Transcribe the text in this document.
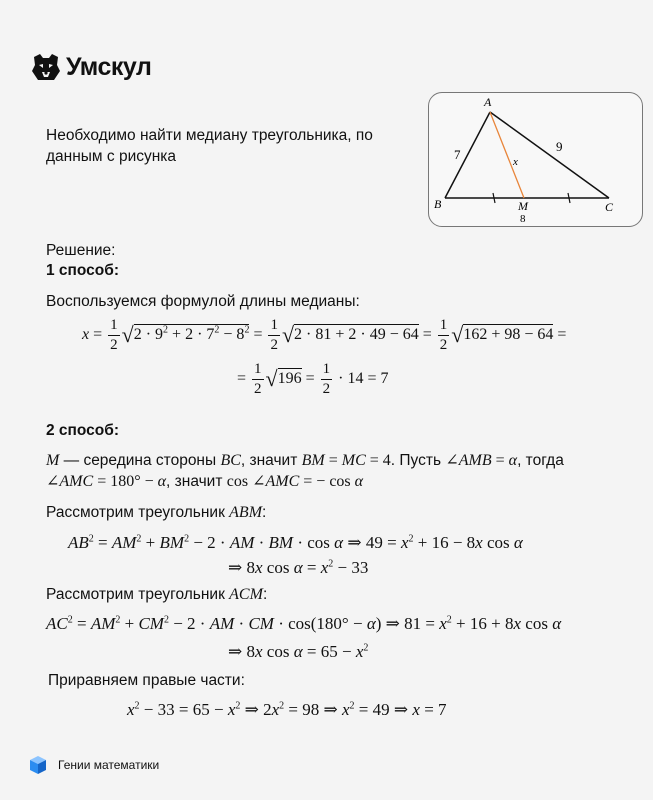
Умскул
Необходимо найти медиану треугольника, по
данным с рисунка
A
B	C
M
7
9
8
x
Решение:
1 способ:
Воспользуемся формулой длины медианы:
$x = \frac{1}{2} √2 \cdot 9^2 + 2 \cdot 7^2 - 8^2 = \frac{1}{2} √2 \cdot 81 + 2 \cdot 49 - 64 = \frac{1}{2} √162 + 98 - 64$ =
= $\frac{1}{2} √196 = \frac{1}{2} \cdot 14 = 7$
2 способ:
M — середина стороны BC, значит BM = MC = 4. Пусть ∠AMB = α, тогда
∠AMC = 180° − α, значит cos ∠AMC = − cos α
Рассмотрим треугольник ABM:
$AB^2 = AM^2 + BM^2 - 2$ · AM · BM · cos α ⇒ $49 = x^2 + 16 - 8x$ cos α
⇒ 8x $\cos \alpha = x^2 - 33$
Рассмотрим треугольник ACM:
$AC^2 = AM^2 + CM^2 - 2$ · AM · CM · cos(180° − α) ⇒ $81 = x^2 + 16 + 8x$ cos α
⇒ 8x $\cos \alpha = 65 - x^2$
Приравняем правые части:
$x^2 - 33 = 65 - x^2$ ⇒ $2x^2 = 98$ ⇒ $x^2 = 49$ ⇒ x = 7
Гении математики
